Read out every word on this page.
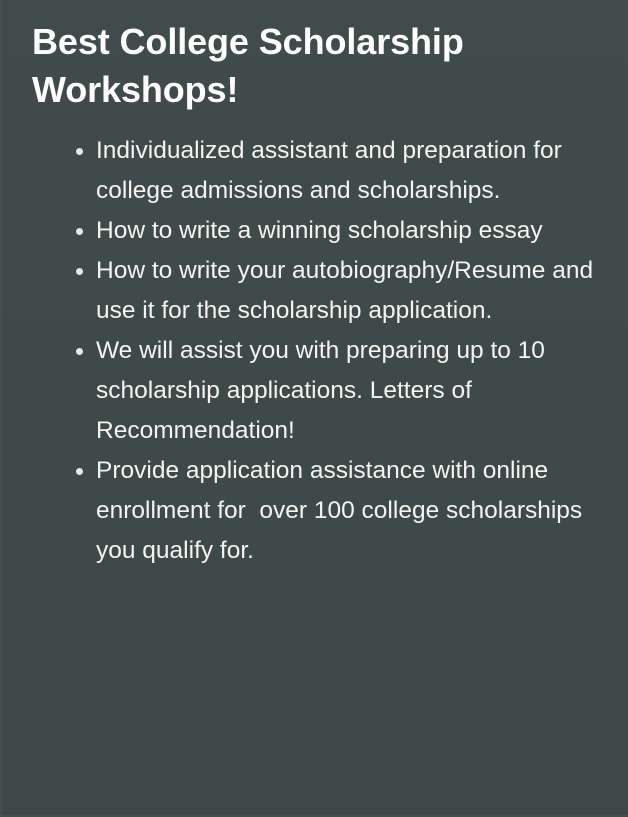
Best College Scholarship Workshops!
Individualized assistant and preparation for college admissions and scholarships.
How to write a winning scholarship essay
How to write your autobiography/Resume and use it for the scholarship application.
We will assist you with preparing up to 10 scholarship applications. Letters of Recommendation!
Provide application assistance with online enrollment for  over 100 college scholarships you qualify for.
